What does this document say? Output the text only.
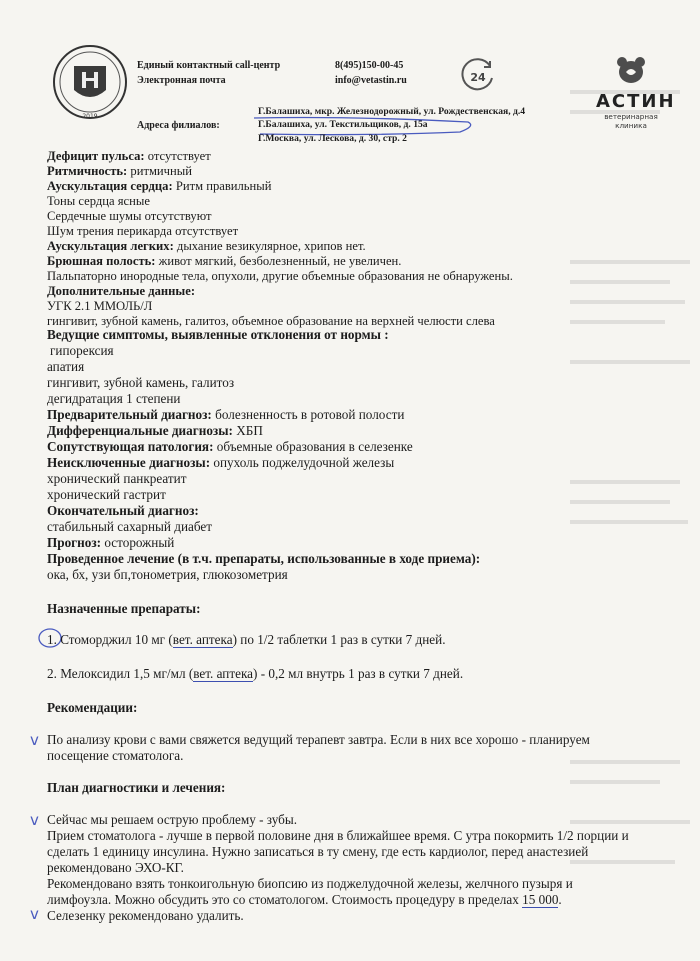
2019
Единый контактный call-центр	8(495)150-00-45
Электронная почта	info@vetastin.ru
Г.Балашиха, мкр. Железнодорожный, ул. Рождественская, д.4
Адреса филиалов:	Г.Балашиха, ул. Текстильщиков, д. 15а
Г.Москва, ул. Лескова, д. 30, стр. 2
24
АСТИН
ветеринарная
клиника
Дефицит пульса: отсутствует
Ритмичность: ритмичный
Аускультация сердца: Ритм правильный
Тоны сердца ясные
Сердечные шумы отсутствуют
Шум трения перикарда отсутствует
Аускультация легких: дыхание везикулярное, хрипов нет.
Брюшная полость: живот мягкий, безболезненный, не увеличен.
Пальпаторно инородные тела, опухоли, другие объемные образования не обнаружены.
Дополнительные данные:
УГК 2.1 ММОЛЬ/Л
гингивит, зубной камень, галитоз, объемное образование на верхней челюсти слева
Ведущие симптомы, выявленные отклонения от нормы :
гипорексия
апатия
гингивит, зубной камень, галитоз
дегидратация 1 степени
Предварительный диагноз: болезненность в ротовой полости
Дифференциальные диагнозы: ХБП
Сопутствующая патология: объемные образования в селезенке
Неисключенные диагнозы: опухоль поджелудочной железы
хронический панкреатит
хронический гастрит
Окончательный диагноз:
стабильный сахарный диабет
Прогноз: осторожный
Проведенное лечение (в т.ч. препараты, использованные в ходе приема):
ока, бх, узи бп,тонометрия, глюкозометрия
Назначенные препараты:
1. Стоморджил 10 мг (вет. аптека) по 1/2 таблетки 1 раз в сутки 7 дней.
2. Мелоксидил 1,5 мг/мл (вет. аптека) - 0,2 мл внутрь 1 раз в сутки 7 дней.
Рекомендации:
v По анализу крови с вами свяжется ведущий терапевт завтра. Если в них все хорошо - планируем
посещение стоматолога.
План диагностики и лечения:
v Сейчас мы решаем острую проблему - зубы.
Прием стоматолога - лучше в первой половине дня в ближайшее время. С утра покормить 1/2 порции и
сделать 1 единицу инсулина. Нужно записаться в ту смену, где есть кардиолог, перед анастезией
рекомендовано ЭХО-КГ.
Рекомендовано взять тонкоигольную биопсию из поджелудочной железы, желчного пузыря и
лимфоузла. Можно обсудить это со стоматологом. Стоимость процедуру в пределах 15 000.
v Селезенку рекомендовано удалить.
